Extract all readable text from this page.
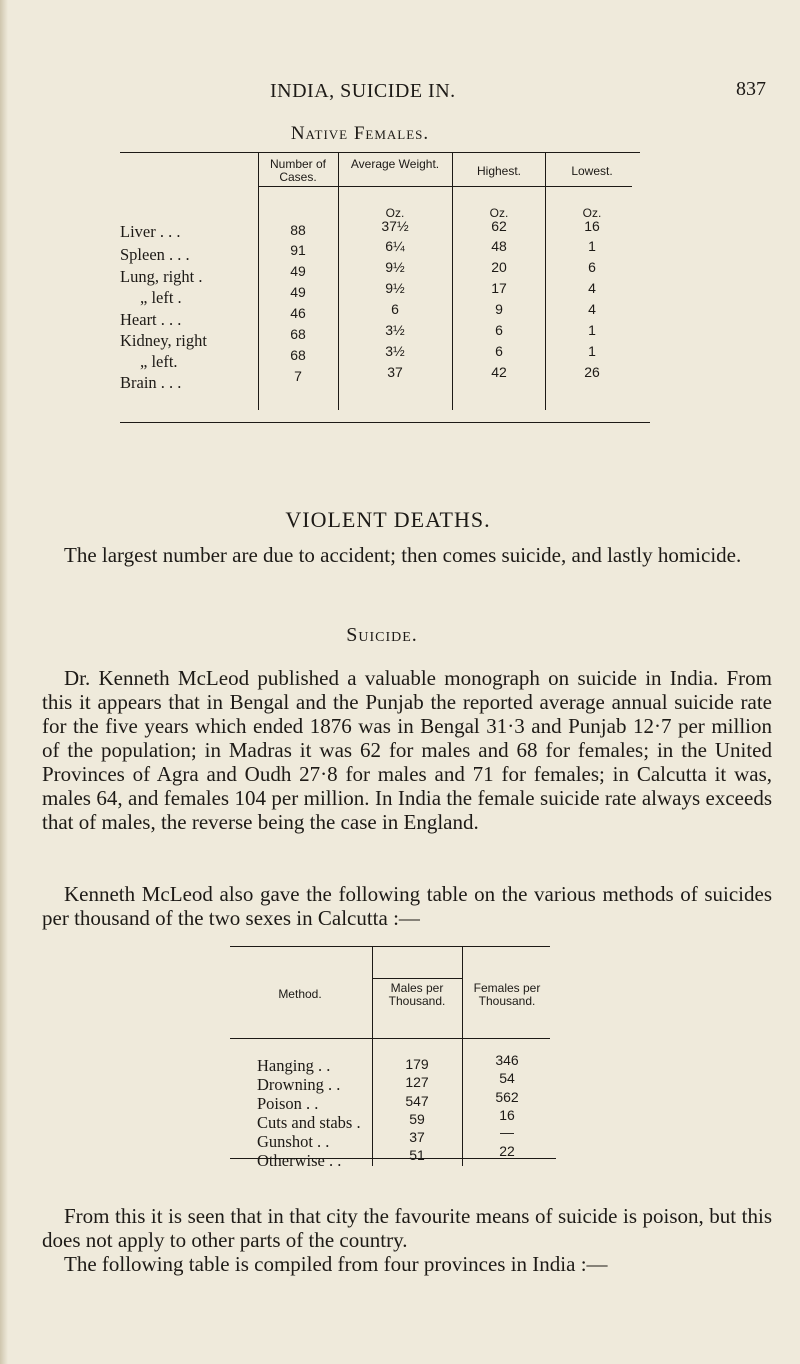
INDIA, SUICIDE IN.	837
Native Females.
Number of Cases.
Average Weight.	Highest.	Lowest.
Oz.	Oz.	Oz.
Liver . . .	88	37½	62	16
Spleen . . .	91	6¼	48	1
Lung, right .	49	9½	20	6
„ left .	49	9½	17	4
Heart . . .	46	6	9	4
Kidney, right	68	3½	6	1
„ left.	68	3½	6	1
Brain . . .	7	37	42	26
VIOLENT DEATHS.
The largest number are due to accident; then comes suicide, and lastly homicide.
Suicide.
Dr. Kenneth McLeod published a valuable monograph on suicide in India. From this it appears that in Bengal and the Punjab the reported average annual suicide rate for the five years which ended 1876 was in Bengal 31·3 and Punjab 12·7 per million of the population; in Madras it was 62 for males and 68 for females; in the United Provinces of Agra and Oudh 27·8 for males and 71 for females; in Calcutta it was, males 64, and females 104 per million. In India the female suicide rate always exceeds that of males, the reverse being the case in England.
Kenneth McLeod also gave the following table on the various methods of suicides per thousand of the two sexes in Calcutta :—
Method.	Males per Thousand.
Females per Thousand.
Hanging . .	179	346
Drowning . .	127	54
Poison . .	547	562
Cuts and stabs .	59	16
Gunshot . .	37	—
Otherwise . .	51	22
From this it is seen that in that city the favourite means of suicide is poison, but this does not apply to other parts of the country.
The following table is compiled from four provinces in India :—
